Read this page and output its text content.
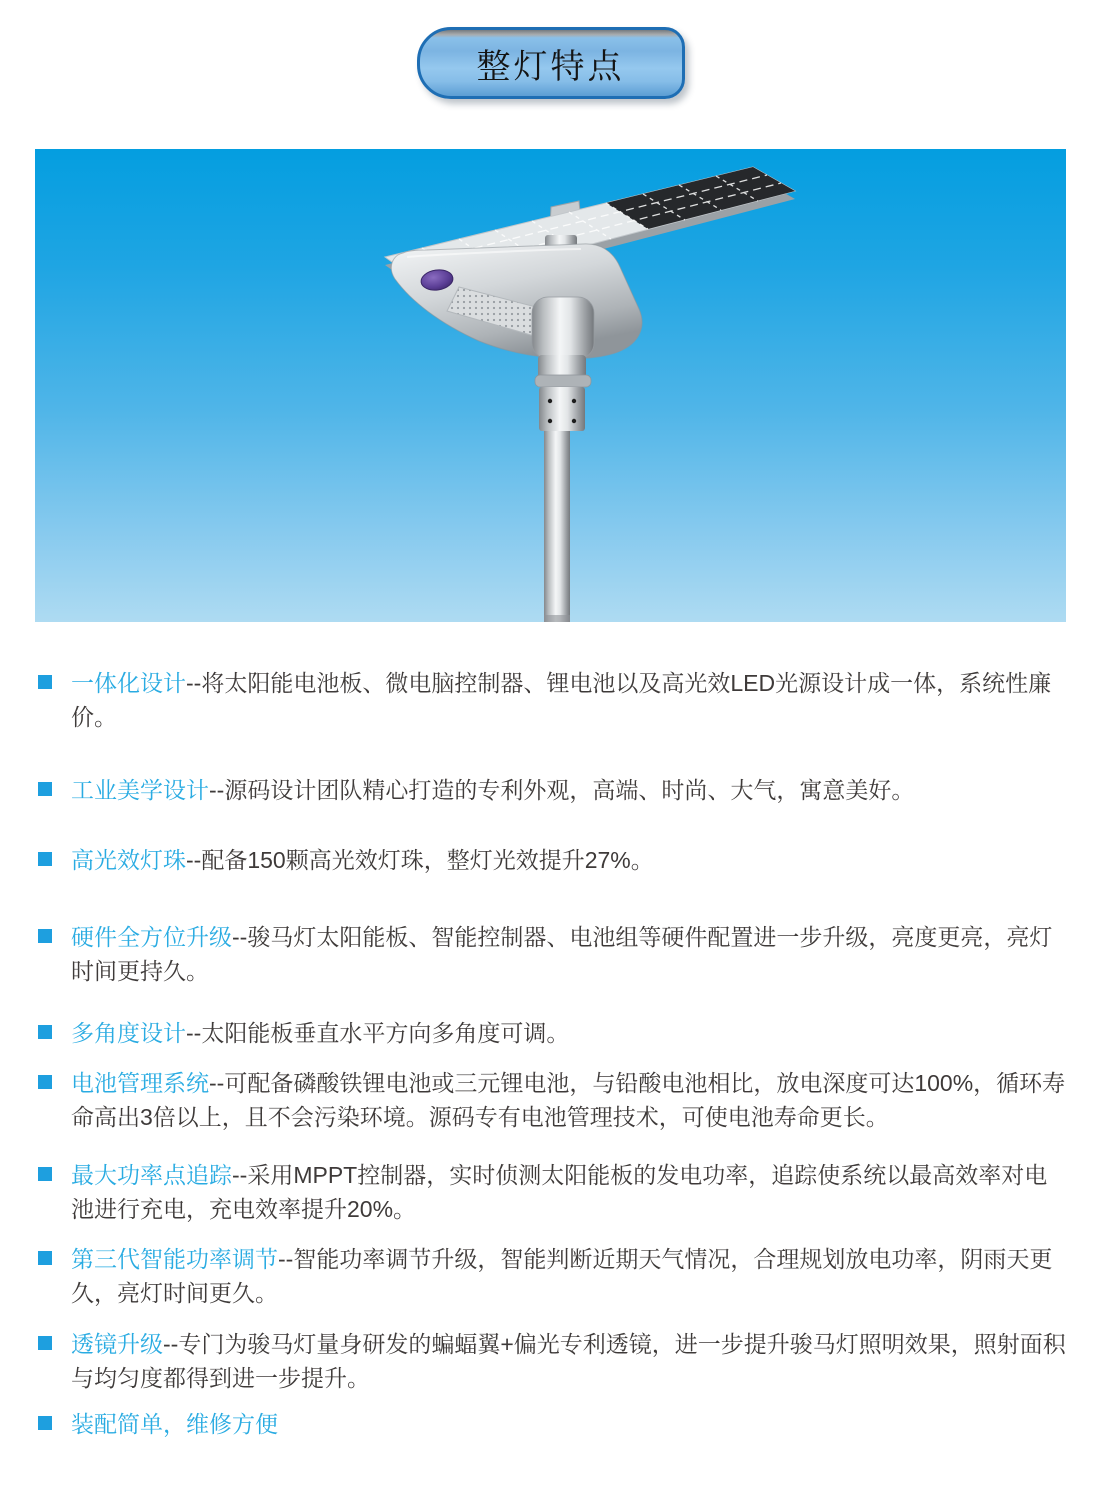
整灯特点

一体化设计--将太阳能电池板、微电脑控制器、锂电池以及高光效LED光源设计成一体，系统性廉价。

工业美学设计--源码设计团队精心打造的专利外观，高端、时尚、大气，寓意美好。

高光效灯珠--配备150颗高光效灯珠，整灯光效提升27%。

硬件全方位升级--骏马灯太阳能板、智能控制器、电池组等硬件配置进一步升级，亮度更亮，亮灯时间更持久。

多角度设计--太阳能板垂直水平方向多角度可调。

电池管理系统--可配备磷酸铁锂电池或三元锂电池，与铅酸电池相比，放电深度可达100%，循环寿命高出3倍以上，且不会污染环境。源码专有电池管理技术，可使电池寿命更长。

最大功率点追踪--采用MPPT控制器，实时侦测太阳能板的发电功率，追踪使系统以最高效率对电池进行充电，充电效率提升20%。

第三代智能功率调节--智能功率调节升级，智能判断近期天气情况，合理规划放电功率，阴雨天更久，亮灯时间更久。

透镜升级--专门为骏马灯量身研发的蝙蝠翼+偏光专利透镜，进一步提升骏马灯照明效果，照射面积与均匀度都得到进一步提升。

装配简单，维修方便
